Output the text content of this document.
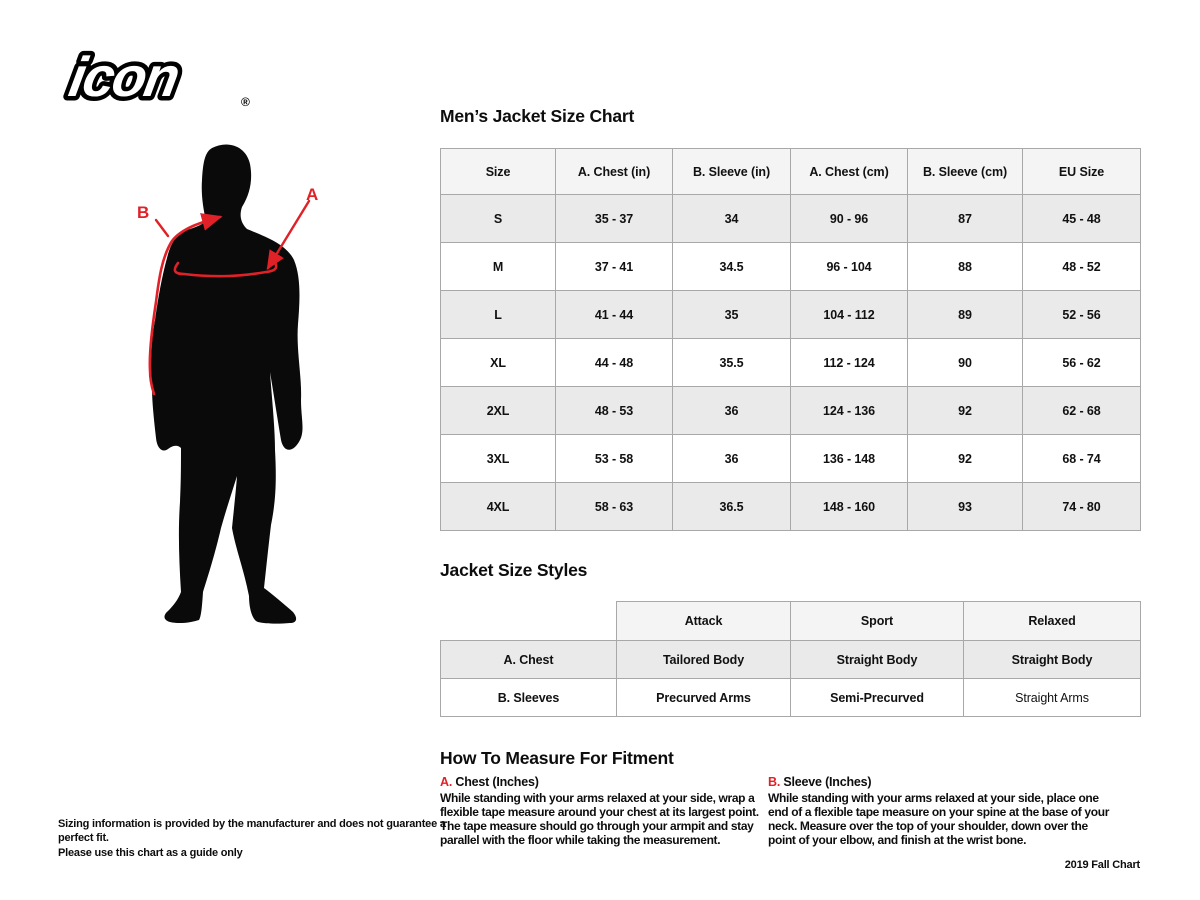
icon	®
A
B
Men’s Jacket Size Chart
Size	A. Chest (in)	B. Sleeve (in)	A. Chest (cm)	B. Sleeve (cm)	EU Size
S	35 - 37	34	90 - 96	87	45 - 48
M	37 - 41	34.5	96 - 104	88	48 - 52
L	41 - 44	35	104 - 112	89	52 - 56
XL	44 - 48	35.5	112 - 124	90	56 - 62
2XL	48 - 53	36	124 - 136	92	62 - 68
3XL	53 - 58	36	136 - 148	92	68 - 74
4XL	58 - 63	36.5	148 - 160	93	74 - 80
Jacket Size Styles
	Attack	Sport	Relaxed
A. Chest	Tailored Body	Straight Body	Straight Body
B. Sleeves	Precurved Arms	Semi-Precurved	Straight Arms
How To Measure For Fitment
A. Chest (Inches)
While standing with your arms relaxed at your side, wrap a flexible tape measure around your chest at its largest point. The tape measure should go through your armpit and stay parallel with the floor while taking the measurement.
B. Sleeve (Inches)
While standing with your arms relaxed at your side, place one end of a flexible tape measure on your spine at the base of your neck. Measure over the top of your shoulder, down over the point of your elbow, and finish at the wrist bone.
Sizing information is provided by the manufacturer and does not guarantee a perfect fit.
Please use this chart as a guide only
2019 Fall Chart
